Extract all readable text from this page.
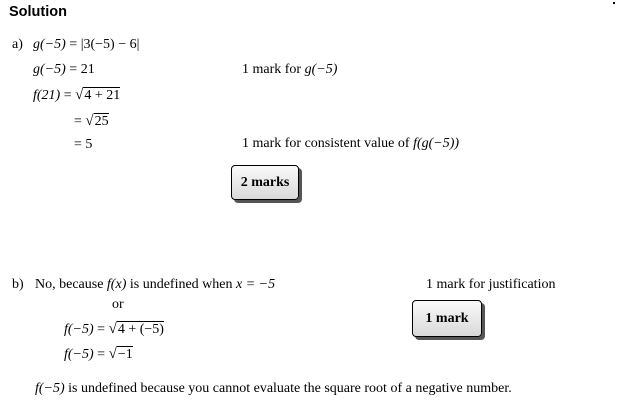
Solution
a) g(−5) = |3(−5) − 6|
g(−5) = 21
f(21) = √4 + 21
= √25
= 5
1 mark for g(−5)
1 mark for consistent value of f(g(−5))
2 marks
b) No, because f(x) is undefined when x = −5	1 mark for justification
or
f(−5) = √4 + (−5)
f(−5) = √−1
1 mark
f(−5) is undefined because you cannot evaluate the square root of a negative number.
